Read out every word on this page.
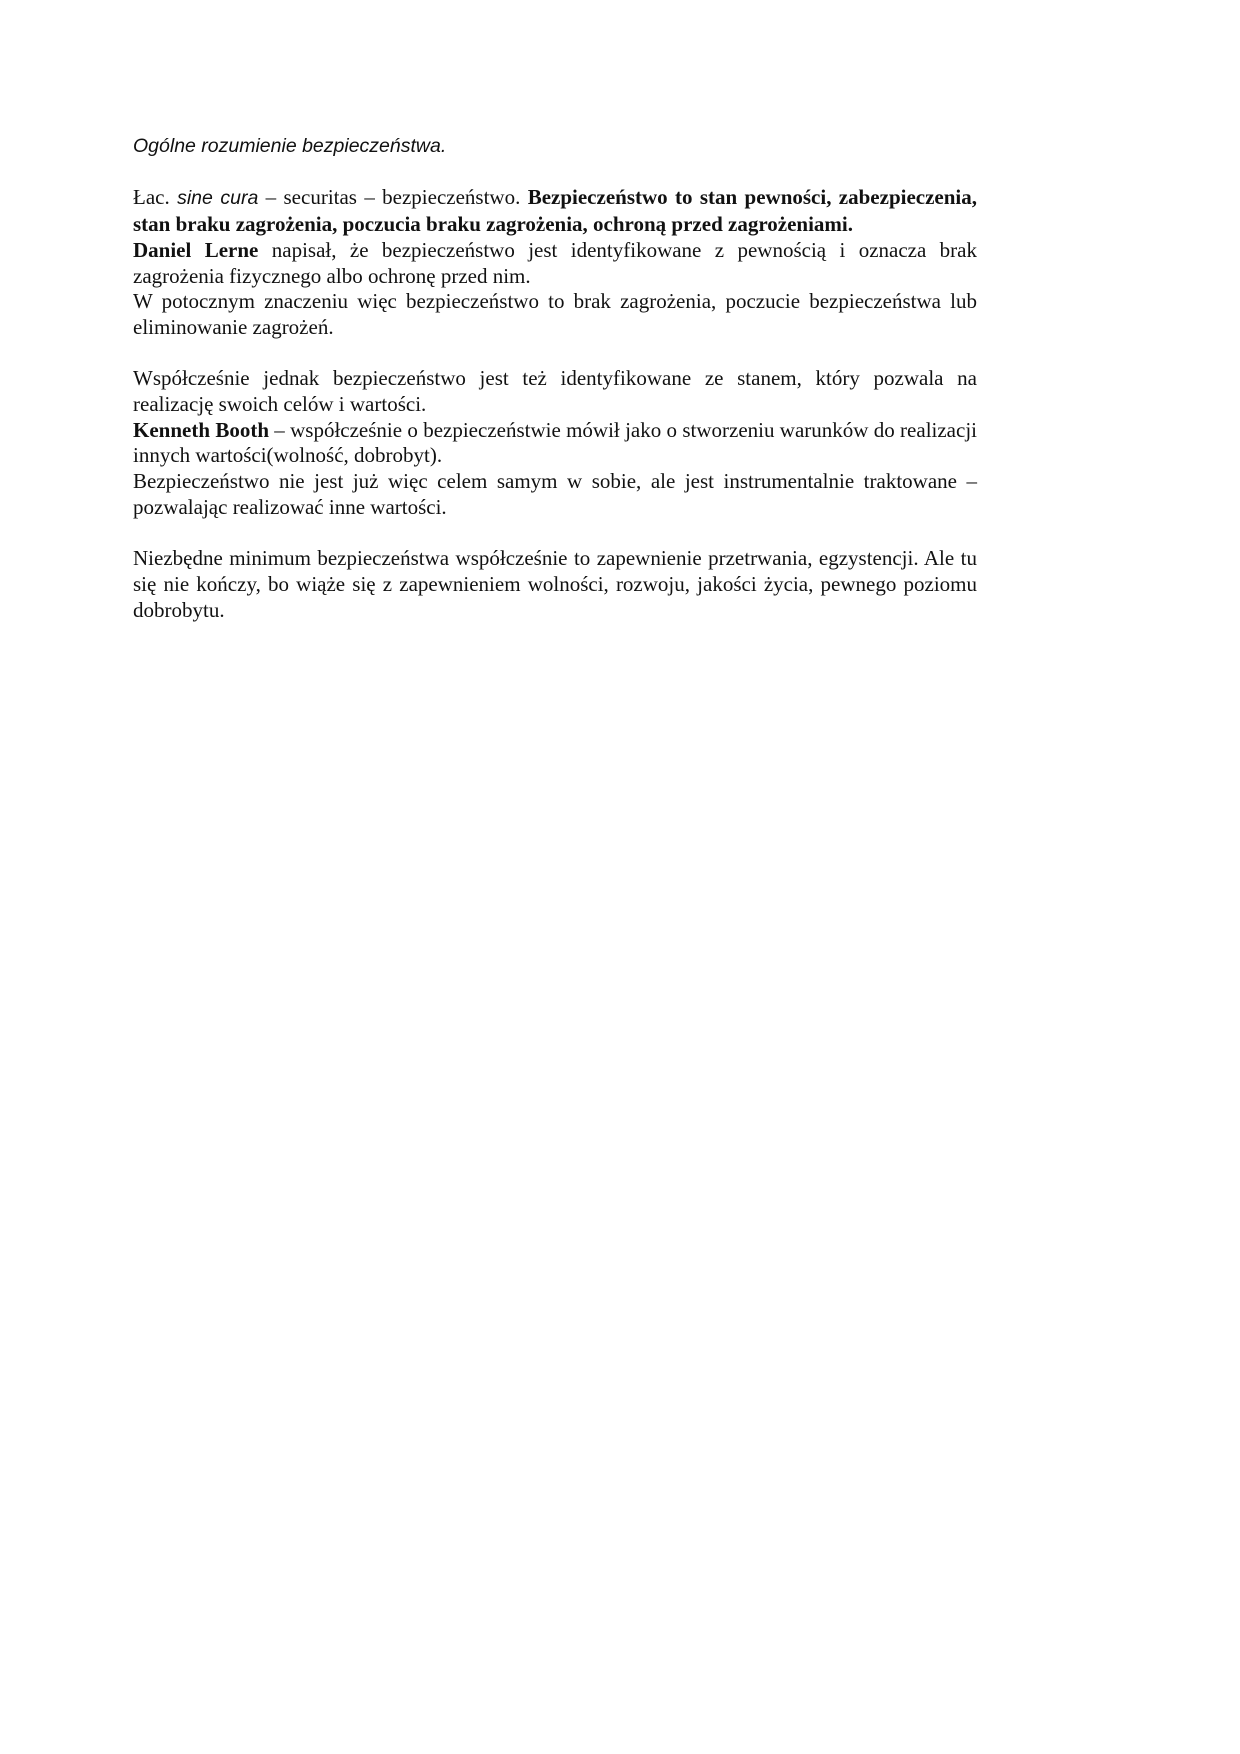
Ogólne rozumienie bezpieczeństwa.

Łac. sine cura – securitas – bezpieczeństwo. Bezpieczeństwo to stan pewności, zabezpieczenia, stan braku zagrożenia, poczucia braku zagrożenia, ochroną przed zagrożeniami.

Daniel Lerne napisał, że bezpieczeństwo jest identyfikowane z pewnością i oznacza brak zagrożenia fizycznego albo ochronę przed nim.

W potocznym znaczeniu więc bezpieczeństwo to brak zagrożenia, poczucie bezpieczeństwa lub eliminowanie zagrożeń.

Współcześnie jednak bezpieczeństwo jest też identyfikowane ze stanem, który pozwala na realizację swoich celów i wartości.

Kenneth Booth – współcześnie o bezpieczeństwie mówił jako o stworzeniu warunków do realizacji innych wartości(wolność, dobrobyt).

Bezpieczeństwo nie jest już więc celem samym w sobie, ale jest instrumentalnie traktowane – pozwalając realizować inne wartości.

Niezbędne minimum bezpieczeństwa współcześnie to zapewnienie przetrwania, egzystencji. Ale tu się nie kończy, bo wiąże się z zapewnieniem wolności, rozwoju, jakości życia, pewnego poziomu dobrobytu.
